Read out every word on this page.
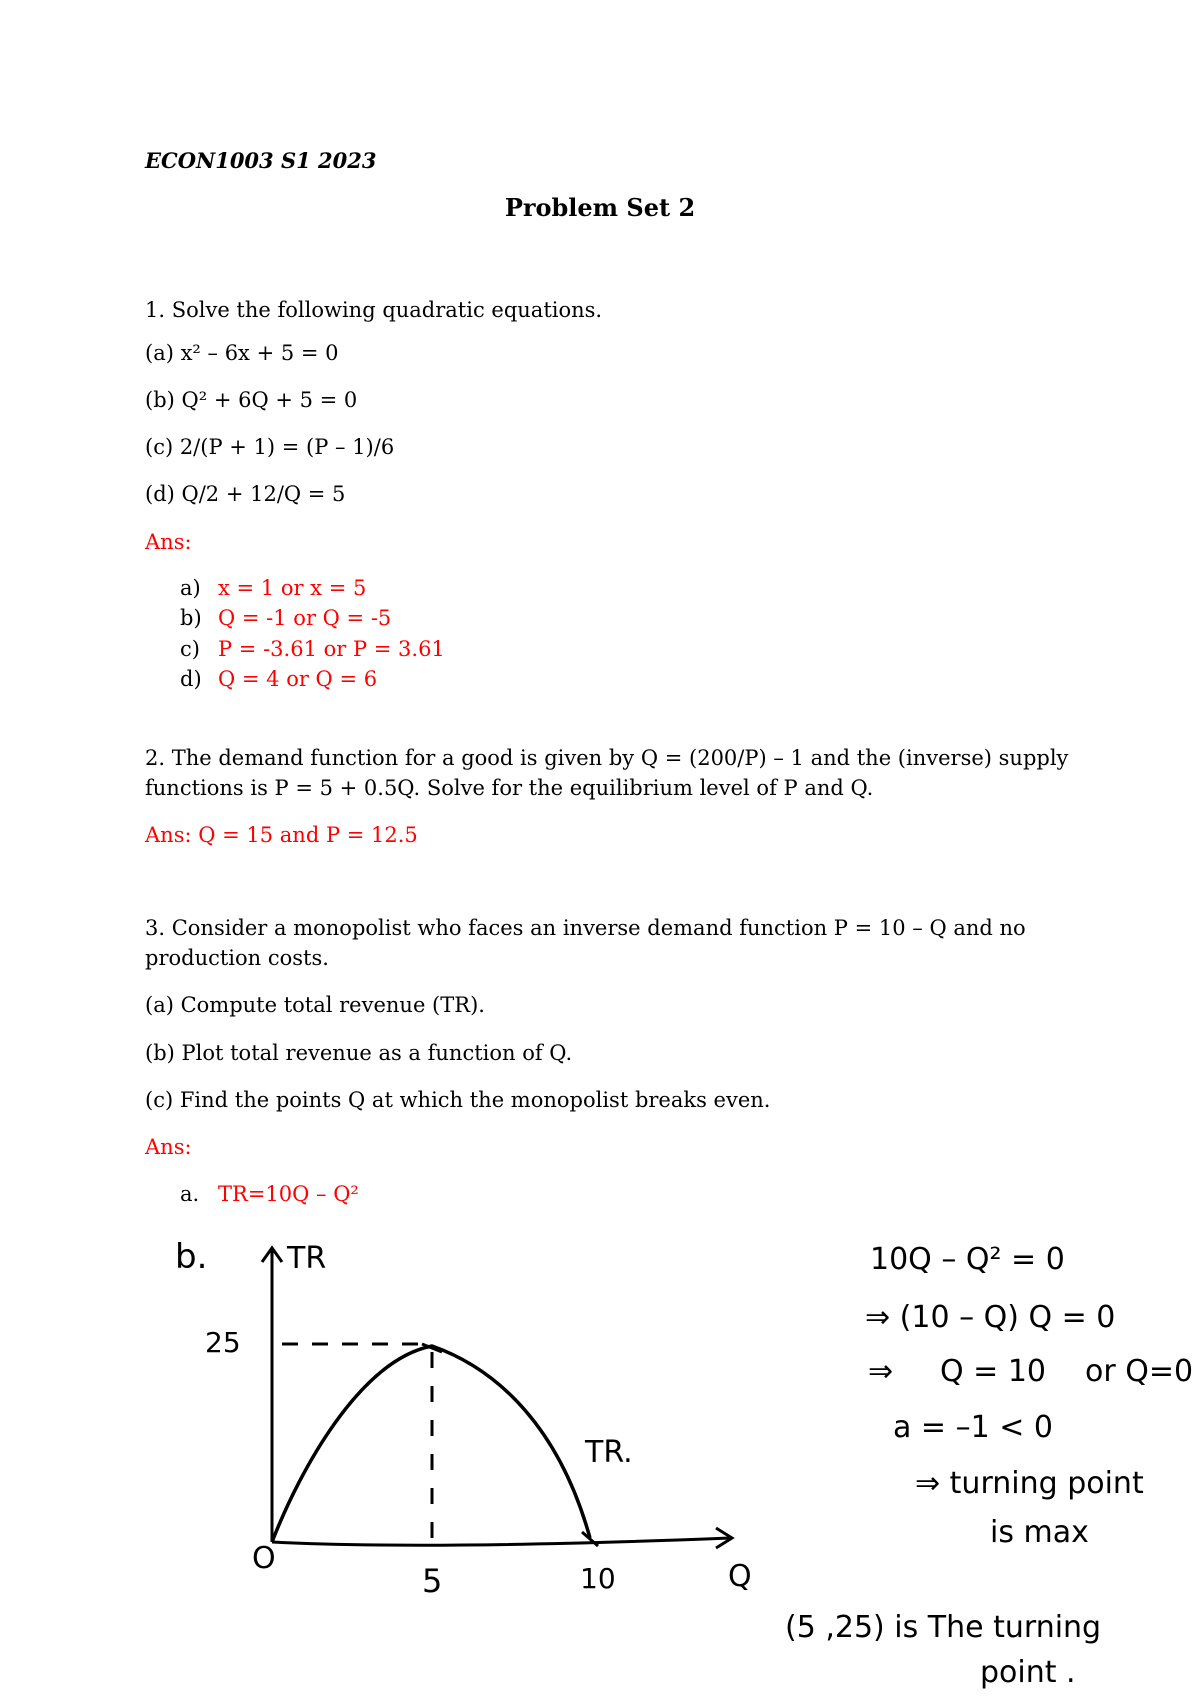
ECON1003 S1 2023
Problem Set 2
1. Solve the following quadratic equations.
(a) x² – 6x + 5 = 0
(b) Q² + 6Q + 5 = 0
(c) 2/(P + 1) = (P – 1)/6
(d) Q/2 + 12/Q = 5
Ans:
a) x = 1 or x = 5
b) Q = -1 or Q = -5
c) P = -3.61 or P = 3.61
d) Q = 4 or Q = 6
2. The demand function for a good is given by Q = (200/P) – 1 and the (inverse) supply
functions is P = 5 + 0.5Q. Solve for the equilibrium level of P and Q.
Ans: Q = 15 and P = 12.5
3. Consider a monopolist who faces an inverse demand function P = 10 – Q and no
production costs.
(a) Compute total revenue (TR).
(b) Plot total revenue as a function of Q.
(c) Find the points Q at which the monopolist breaks even.
Ans:
a. TR=10Q – Q²
b.	TR
Q
O
25
TR.
5	10
10Q – Q² = 0
⇒ (10 – Q) Q = 0
⇒ Q = 10 or Q=0
a = –1 < 0
⇒ turning point
is max
(5 ,25) is The turning
point .
